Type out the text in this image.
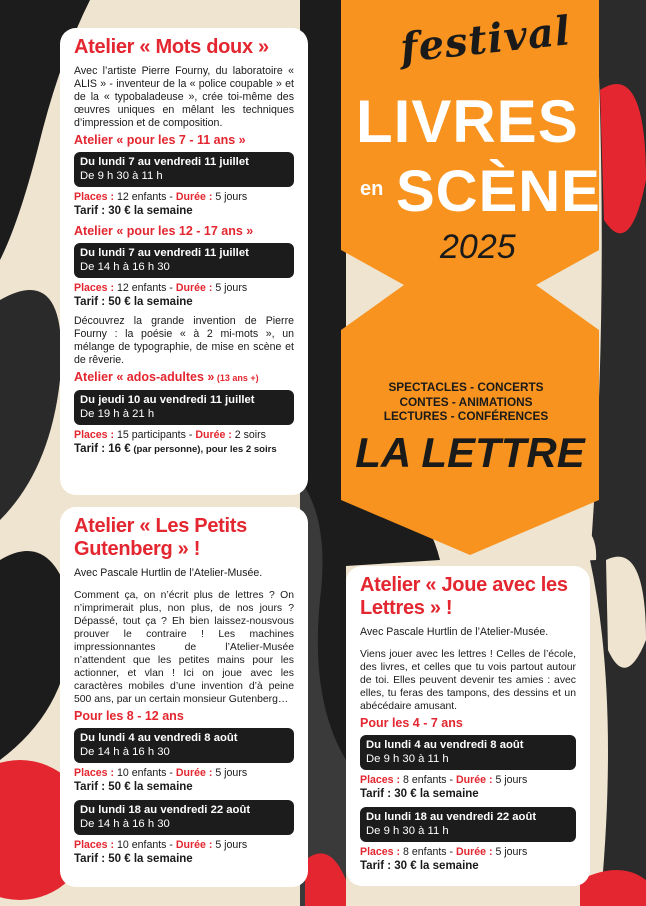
festival
LIVRES
en SCÈNE
2025
SPECTACLES - CONCERTS
CONTES - ANIMATIONS
LECTURES - CONFÉRENCES
LA LETTRE
Atelier « Mots doux »
Avec l’artiste Pierre Fourny, du laboratoire « ALIS » - inventeur de la « police coupable » et de la « typobaladeuse », crée toi-même des œuvres uniques en mêlant les techniques d’impression et de composition.
Atelier « pour les 7 - 11 ans »
Du lundi 7 au vendredi 11 juillet
De 9 h 30 à 11 h
Places : 12 enfants - Durée : 5 jours
Tarif : 30 € la semaine
Atelier « pour les 12 - 17 ans »
Du lundi 7 au vendredi 11 juillet
De 14 h à 16 h 30
Places : 12 enfants - Durée : 5 jours
Tarif : 50 € la semaine
Découvrez la grande invention de Pierre Fourny : la poésie « à 2 mi-mots », un mélange de typographie, de mise en scène et de rêverie.
Atelier « ados-adultes » (13 ans +)
Du jeudi 10 au vendredi 11 juillet
De 19 h à 21 h
Places : 15 participants - Durée : 2 soirs
Tarif : 16 € (par personne), pour les 2 soirs
Atelier « Les Petits Gutenberg » !
Avec Pascale Hurtlin de l’Atelier-Musée.
Comment ça, on n’écrit plus de lettres ? On n’imprimerait plus, non plus, de nos jours ? Dépassé, tout ça ? Eh bien laissez-nousvous prouver le contraire ! Les machines impressionnantes de l’Atelier-Musée n’attendent que les petites mains pour les actionner, et vlan ! Ici on joue avec les caractères mobiles d’une invention d’à peine 500 ans, par un certain monsieur Gutenberg…
Pour les 8 - 12 ans
Du lundi 4 au vendredi 8 août
De 14 h à 16 h 30
Places : 10 enfants - Durée : 5 jours
Tarif : 50 € la semaine
Du lundi 18 au vendredi 22 août
De 14 h à 16 h 30
Places : 10 enfants - Durée : 5 jours
Tarif : 50 € la semaine
Atelier « Joue avec les Lettres » !
Avec Pascale Hurtlin de l’Atelier-Musée.
Viens jouer avec les lettres ! Celles de l’école, des livres, et celles que tu vois partout autour de toi. Elles peuvent devenir tes amies : avec elles, tu feras des tampons, des dessins et un abécédaire amusant.
Pour les 4 - 7 ans
Du lundi 4 au vendredi 8 août
De 9 h 30 à 11 h
Places : 8 enfants - Durée : 5 jours
Tarif : 30 € la semaine
Du lundi 18 au vendredi 22 août
De 9 h 30 à 11 h
Places : 8 enfants - Durée : 5 jours
Tarif : 30 € la semaine
